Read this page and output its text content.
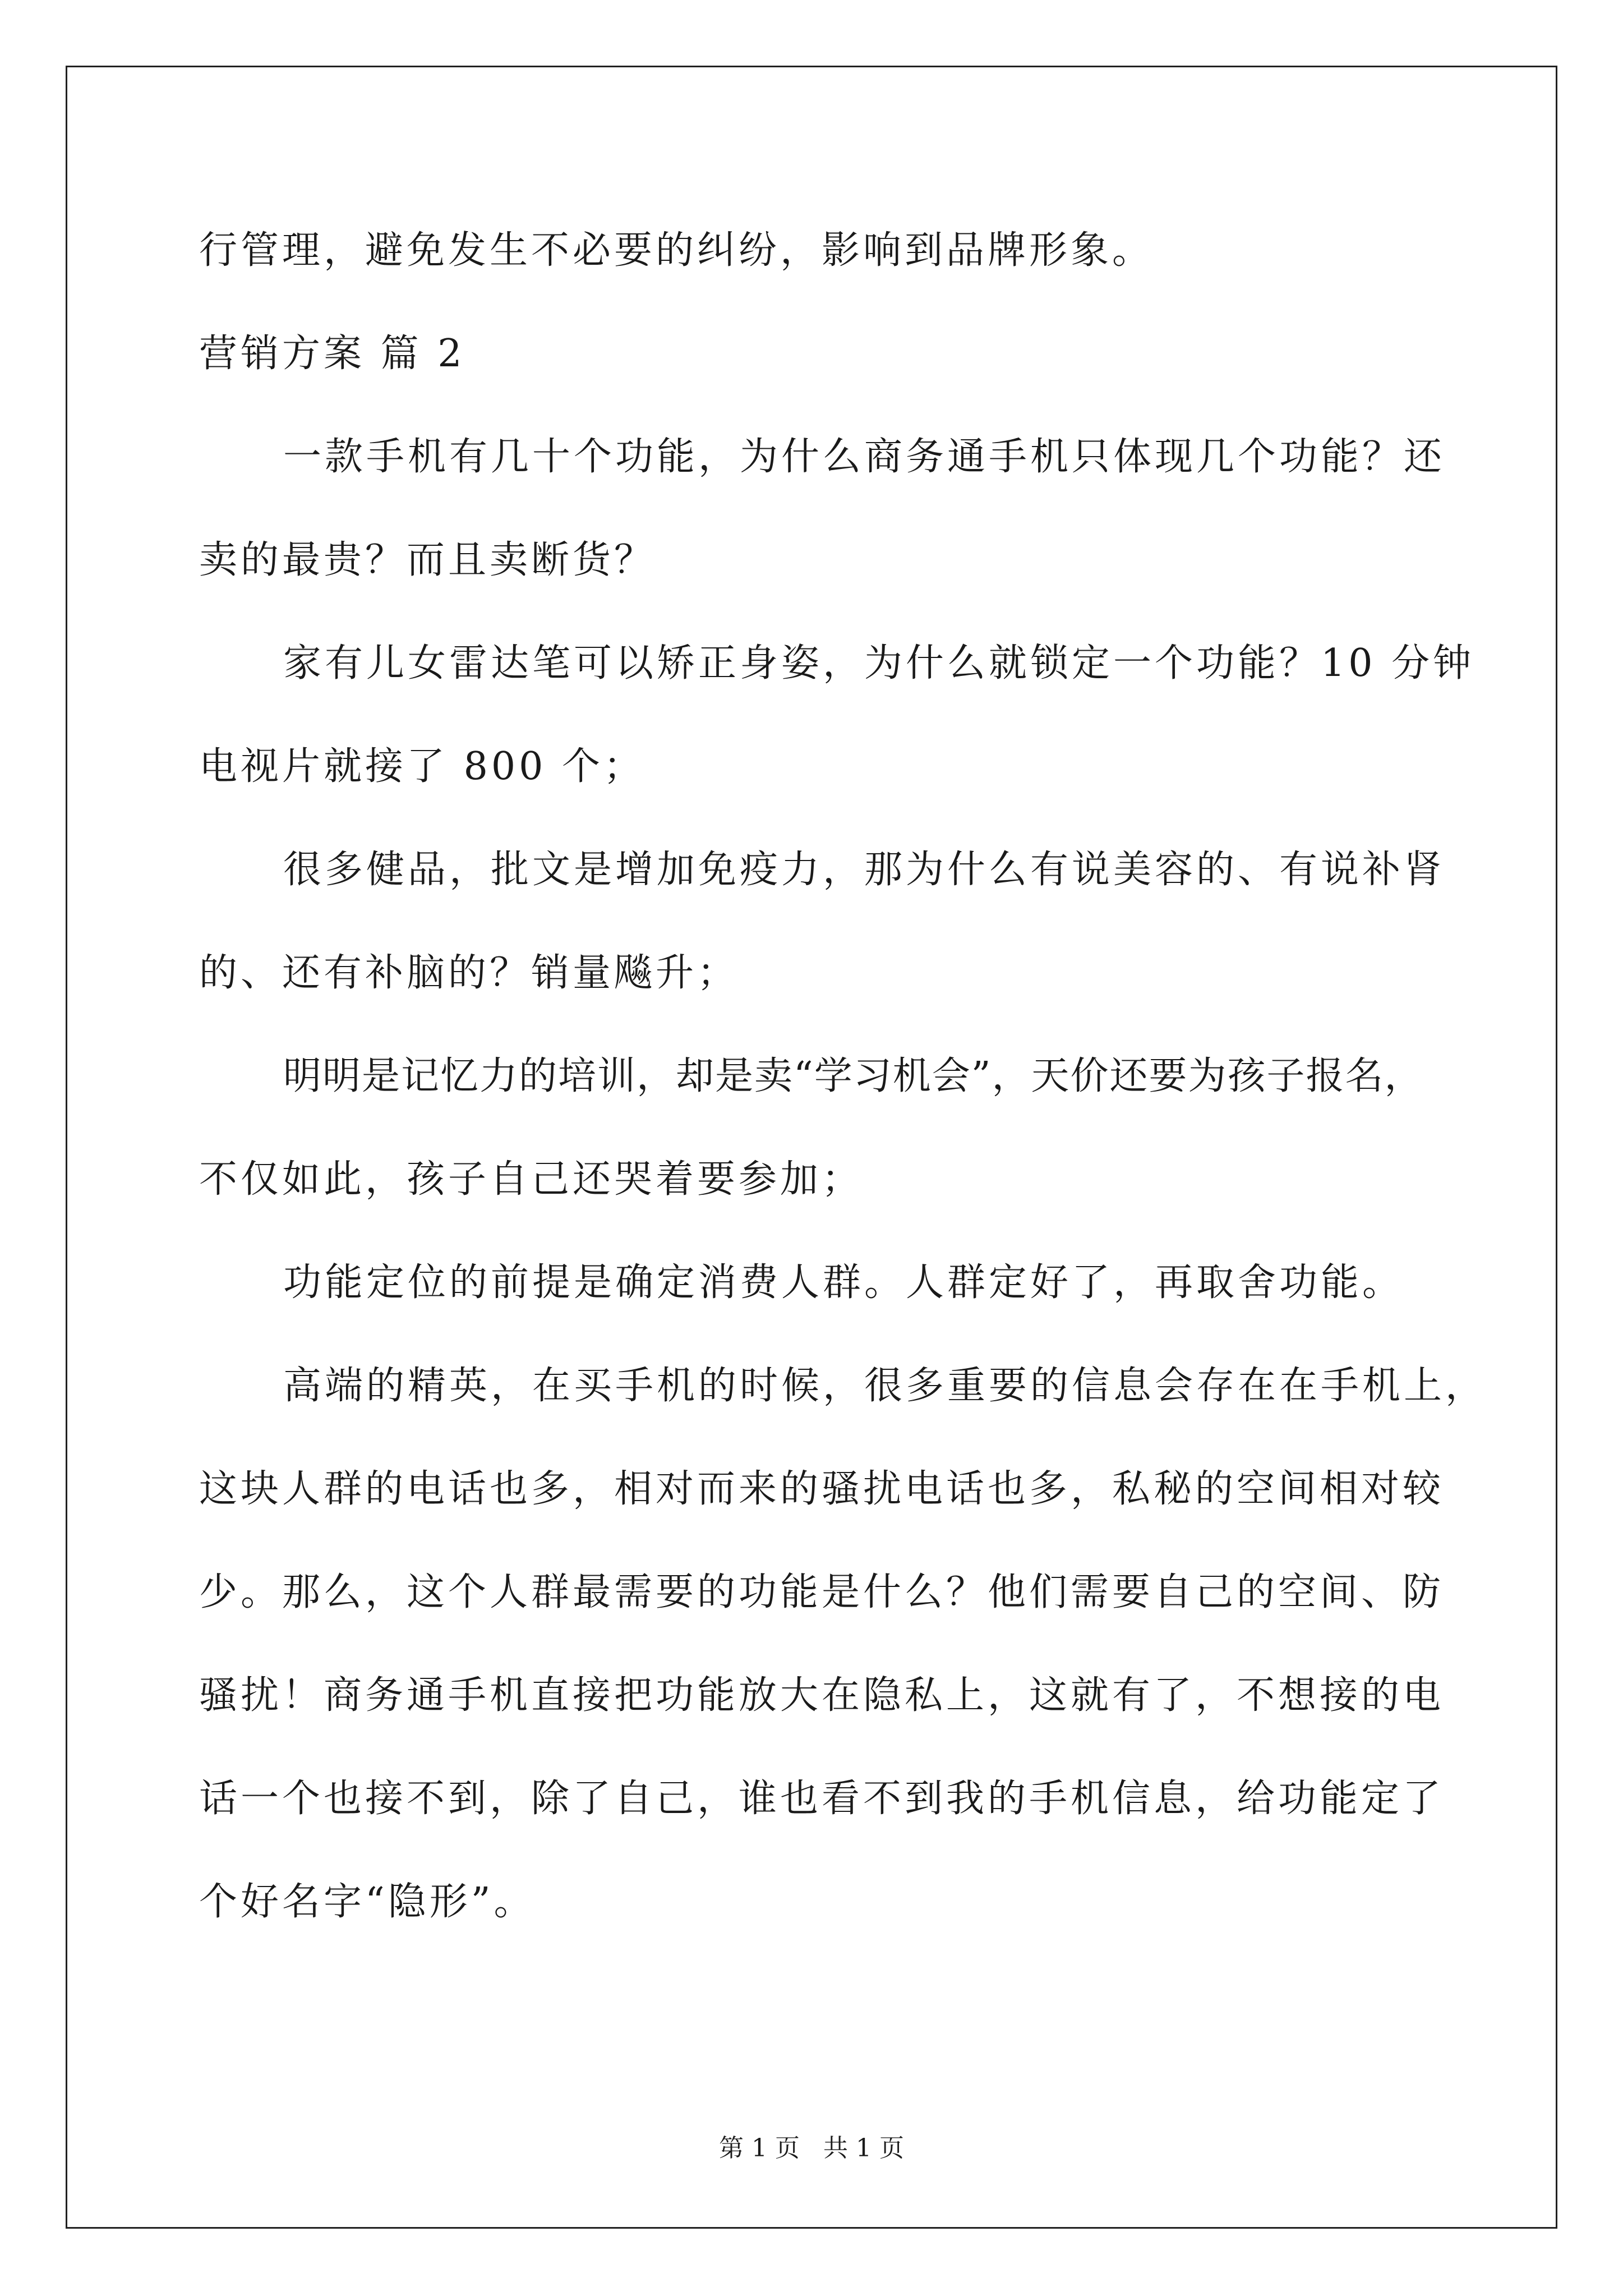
行管理，避免发生不必要的纠纷，影响到品牌形象。
营销方案 篇 2
一款手机有几十个功能，为什么商务通手机只体现几个功能？还
卖的最贵？而且卖断货？
家有儿女雷达笔可以矫正身姿，为什么就锁定一个功能？10 分钟
电视片就接了 800 个；
很多健品，批文是增加免疫力，那为什么有说美容的、有说补肾
的、还有补脑的？销量飚升；
明明是记忆力的培训，却是卖“学习机会”，天价还要为孩子报名，
不仅如此，孩子自己还哭着要参加；
功能定位的前提是确定消费人群。人群定好了，再取舍功能。
高端的精英，在买手机的时候，很多重要的信息会存在在手机上，
这块人群的电话也多，相对而来的骚扰电话也多，私秘的空间相对较
少。那么，这个人群最需要的功能是什么？他们需要自己的空间、防
骚扰！商务通手机直接把功能放大在隐私上，这就有了，不想接的电
话一个也接不到，除了自己，谁也看不到我的手机信息，给功能定了
个好名字“隐形”。
第 1 页   共 1 页
